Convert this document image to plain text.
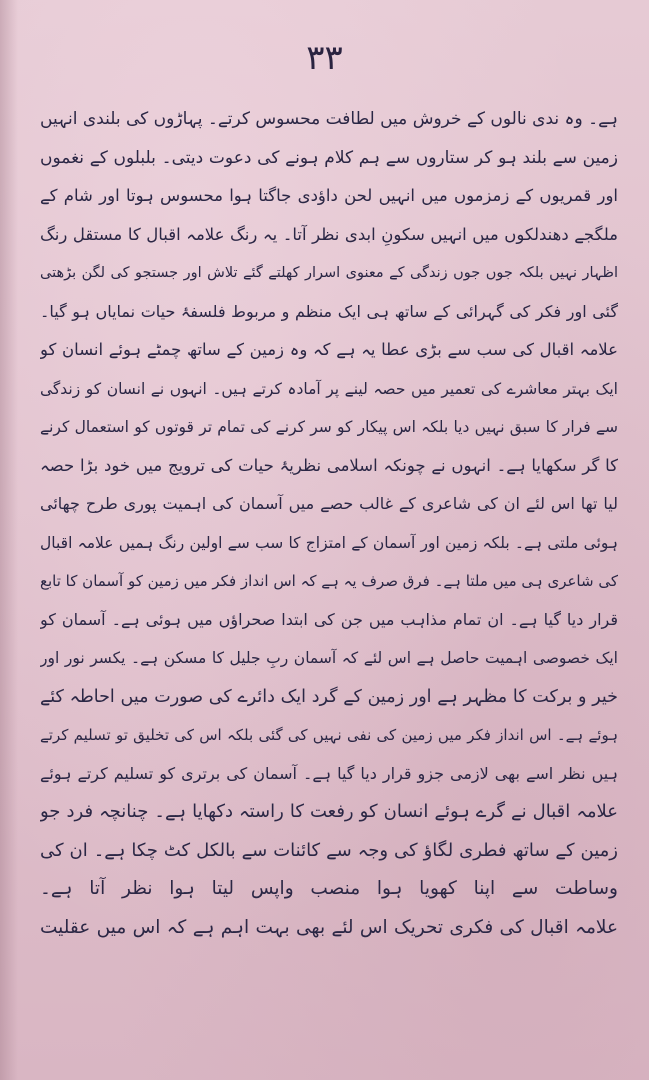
۳۳
ہے۔ وہ ندی نالوں کے خروش میں لطافت محسوس کرتے۔ پہاڑوں کی بلندی انہیں
زمین سے بلند ہو کر ستاروں سے ہم کلام ہونے کی دعوت دیتی۔ بلبلوں کے نغموں
اور قمریوں کے زمزموں میں انہیں لحن داؤدی جاگتا ہوا محسوس ہوتا اور شام کے
ملگجے دھندلکوں میں انہیں سکونِ ابدی نظر آتا۔ یہ رنگ علامہ اقبال کا مستقل رنگ
اظہار نہیں بلکہ جوں جوں زندگی کے معنوی اسرار کھلتے گئے تلاش اور جستجو کی لگن بڑھتی
گئی اور فکر کی گہرائی کے ساتھ ہی ایک منظم و مربوط فلسفۂ حیات نمایاں ہو گیا۔
علامہ اقبال کی سب سے بڑی عطا یہ ہے کہ وہ زمین کے ساتھ چمٹے ہوئے انسان کو
ایک بہتر معاشرے کی تعمیر میں حصہ لینے پر آمادہ کرتے ہیں۔ انہوں نے انسان کو زندگی
سے فرار کا سبق نہیں دیا بلکہ اس پیکار کو سر کرنے کی تمام تر قوتوں کو استعمال کرنے
کا گر سکھایا ہے۔ انہوں نے چونکہ اسلامی نظریۂ حیات کی ترویج میں خود بڑا حصہ
لیا تھا اس لئے ان کی شاعری کے غالب حصے میں آسمان کی اہمیت پوری طرح چھائی
ہوئی ملتی ہے۔ بلکہ زمین اور آسمان کے امتزاج کا سب سے اولین رنگ ہمیں علامہ اقبال
کی شاعری ہی میں ملتا ہے۔ فرق صرف یہ ہے کہ اس انداز فکر میں زمین کو آسمان کا تابع
قرار دیا گیا ہے۔ ان تمام مذاہب میں جن کی ابتدا صحراؤں میں ہوئی ہے۔ آسمان کو
ایک خصوصی اہمیت حاصل ہے اس لئے کہ آسمان ربِ جلیل کا مسکن ہے۔ یکسر نور اور
خیر و برکت کا مظہر ہے اور زمین کے گرد ایک دائرے کی صورت میں احاطہ کئے
ہوئے ہے۔ اس انداز فکر میں زمین کی نفی نہیں کی گئی بلکہ اس کی تخلیق تو تسلیم کرتے
ہیں نظر اسے بھی لازمی جزو قرار دیا گیا ہے۔ آسمان کی برتری کو تسلیم کرتے ہوئے
علامہ اقبال نے گرے ہوئے انسان کو رفعت کا راستہ دکھایا ہے۔ چنانچہ فرد جو
زمین کے ساتھ فطری لگاؤ کی وجہ سے کائنات سے بالکل کٹ چکا ہے۔ ان کی
وساطت سے اپنا کھویا ہوا منصب واپس لیتا ہوا نظر آتا ہے۔
علامہ اقبال کی فکری تحریک اس لئے بھی بہت اہم ہے کہ اس میں عقلیت
